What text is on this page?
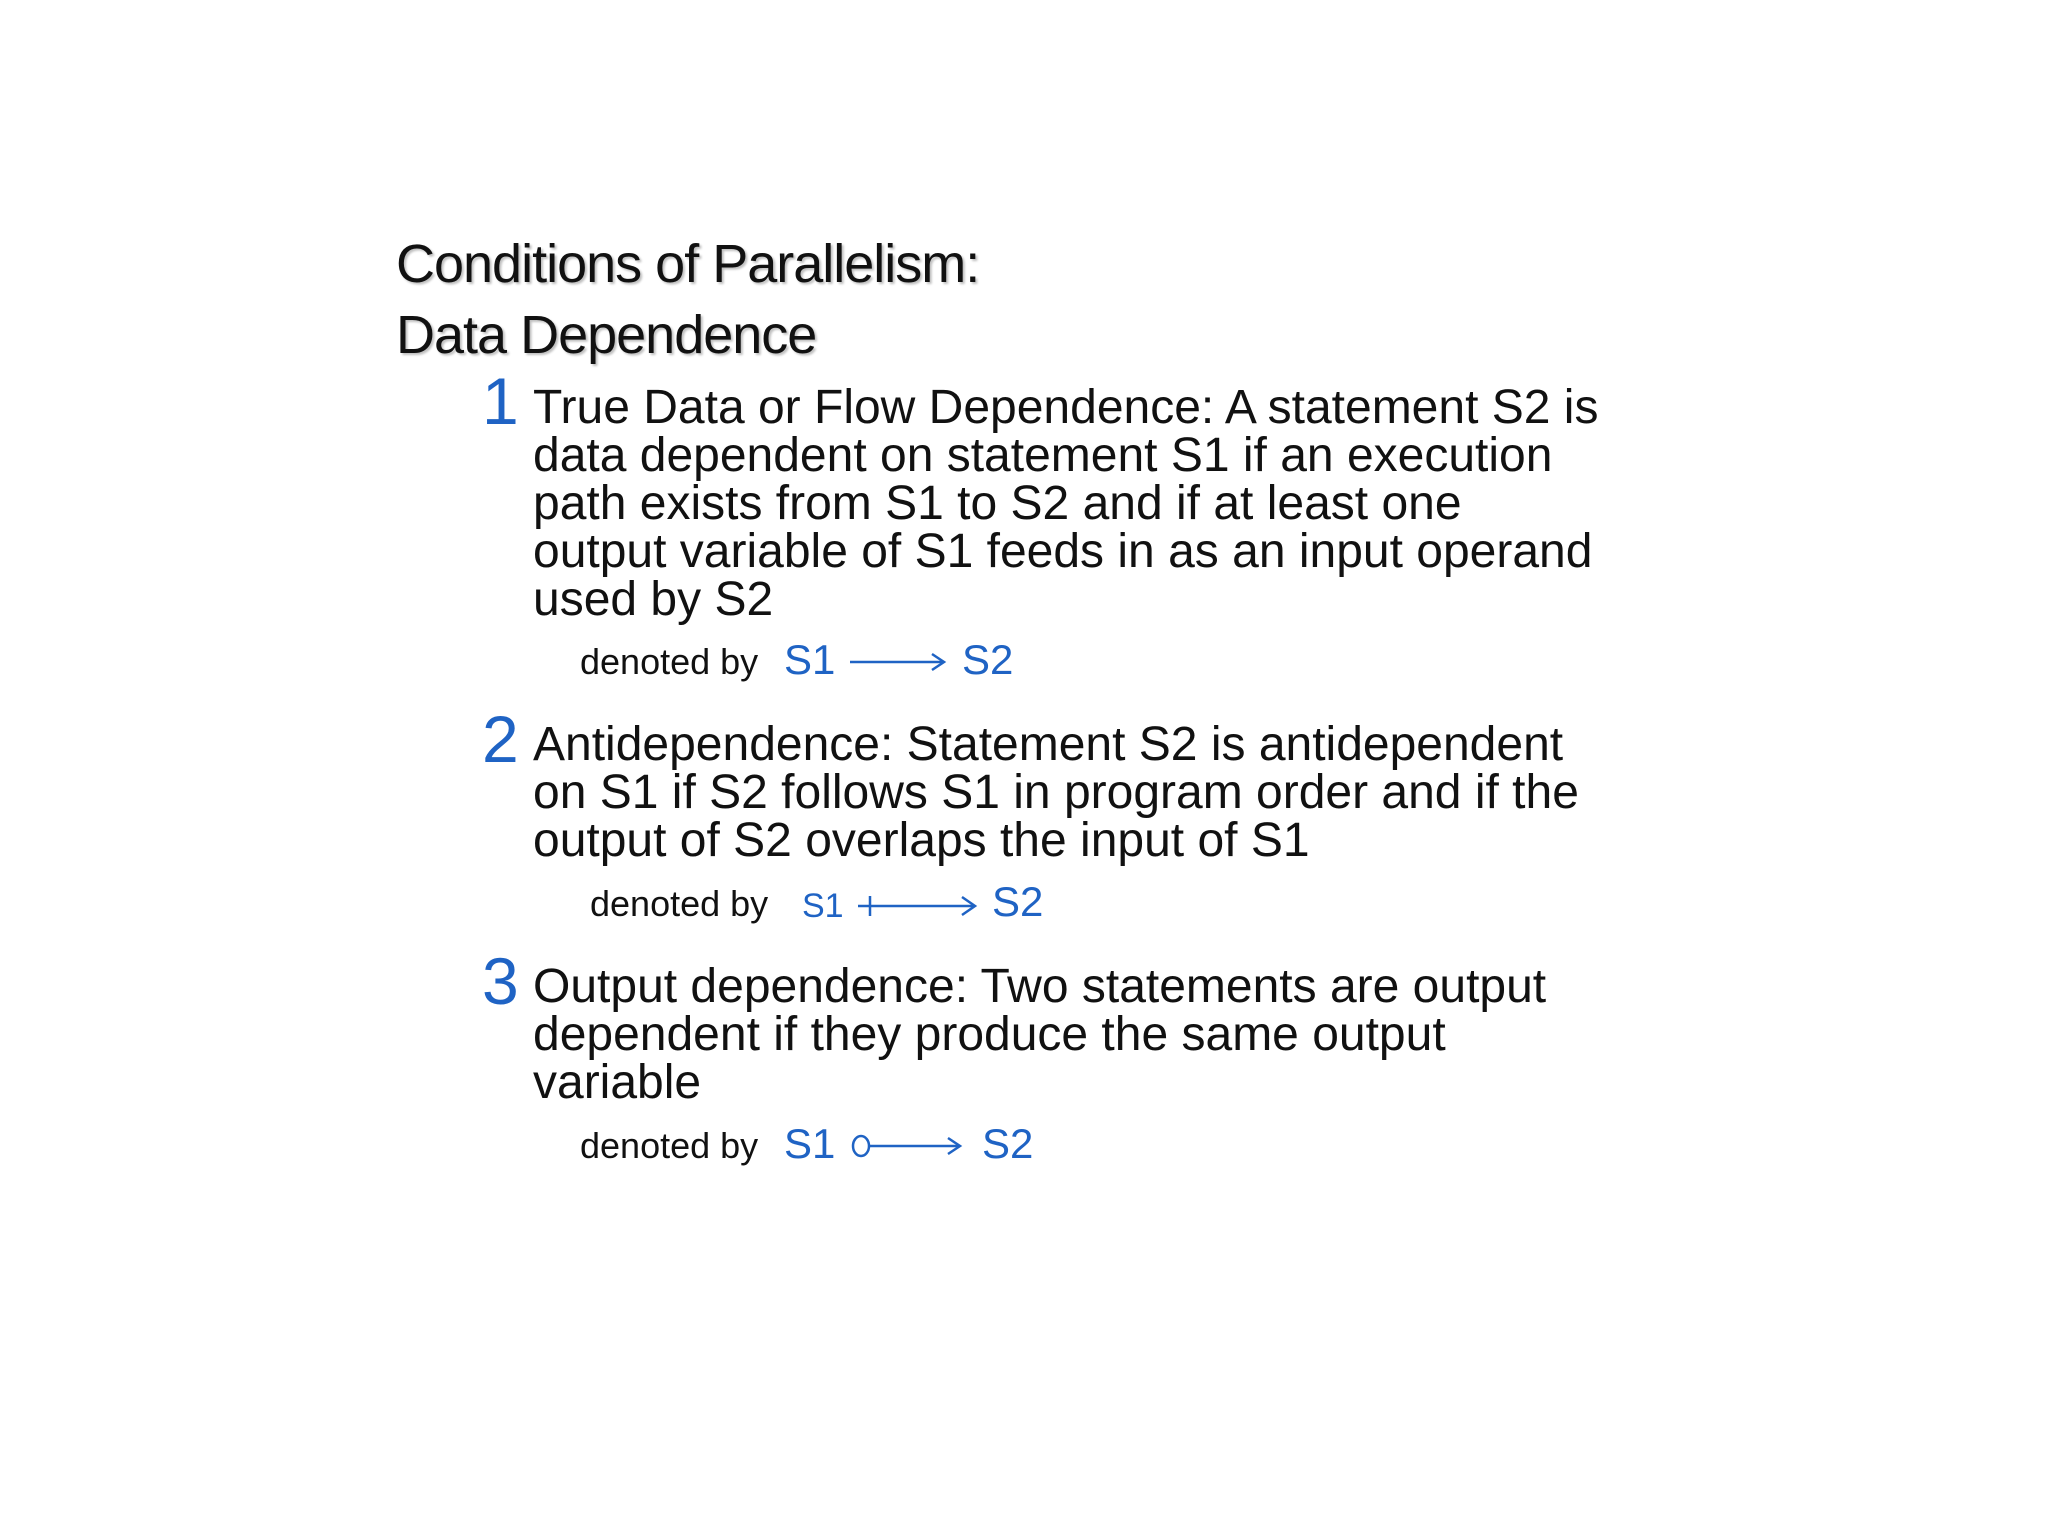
Conditions of Parallelism:
Data Dependence
1 True Data or Flow Dependence: A statement S2 is
data dependent on statement S1 if an execution
path exists from S1 to S2 and if at least one
output variable of S1 feeds in as an input operand
used by S2

denoted by S1	S2
2 Antidependence: Statement S2 is antidependent
on S1 if S2 follows S1 in program order and if the
output of S2 overlaps the input of S1

denoted by S1	S2
3 Output dependence: Two statements are output
dependent if they produce the same output
variable

denoted by S1	S2
